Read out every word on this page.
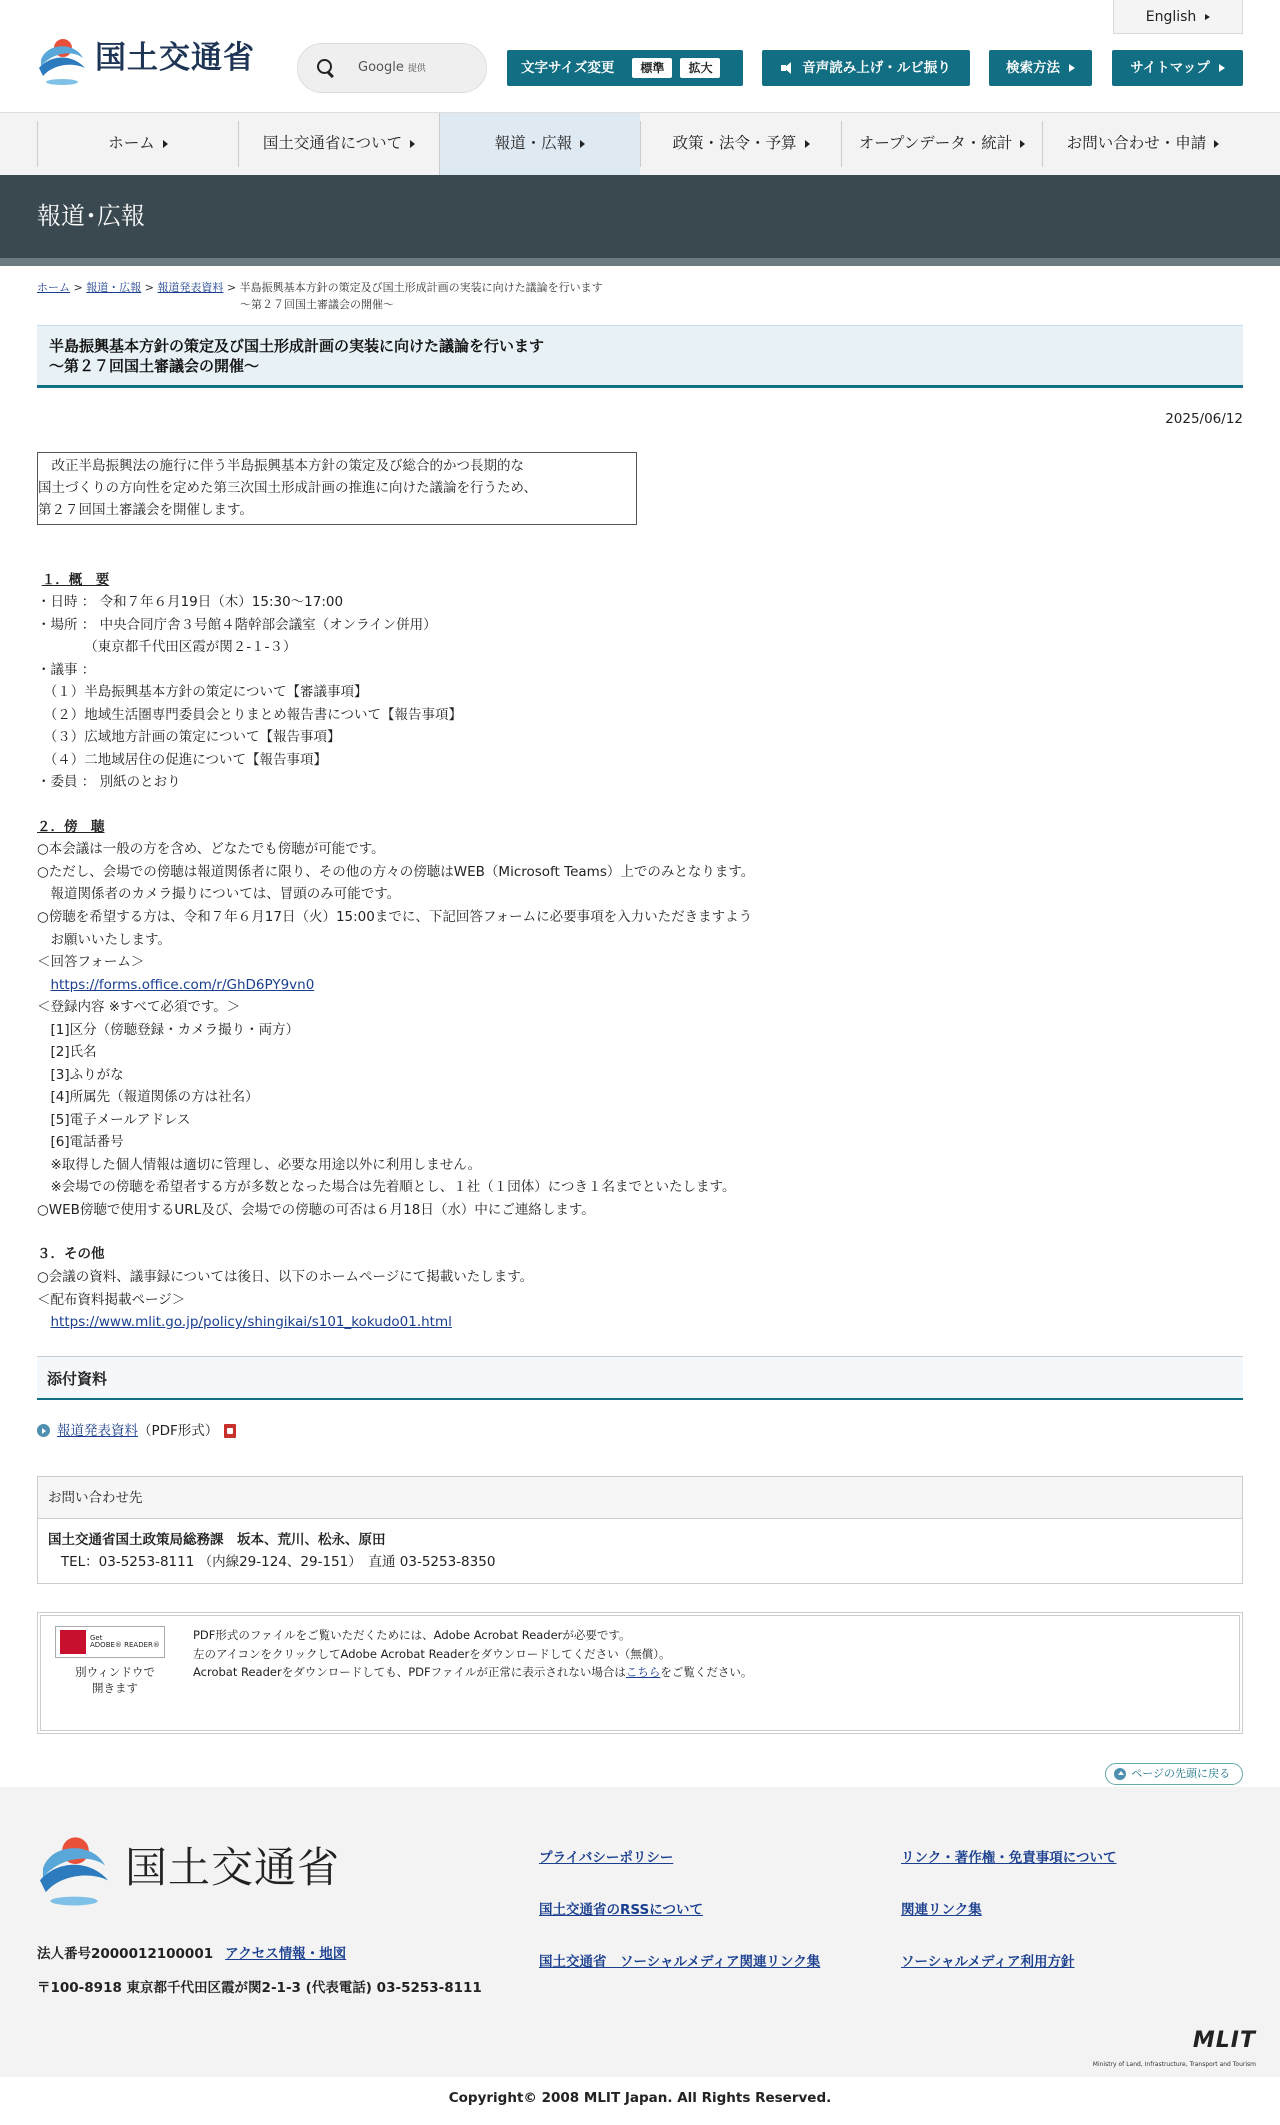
国土交通省	Google 提供
English
文字サイズ変更	標準	拡大	音声読み上げ・ルビ振り	検索方法	サイトマップ
ホーム	国土交通省について	報道・広報	政策・法令・予算	オープンデータ・統計	お問い合わせ・申請
報道･広報
ホーム > 報道・広報 > 報道発表資料 > 半島振興基本方針の策定及び国土形成計画の実装に向けた議論を行います
～第２７回国土審議会の開催～
半島振興基本方針の策定及び国土形成計画の実装に向けた議論を行います
～第２７回国土審議会の開催～
2025/06/12
　改正半島振興法の施行に伴う半島振興基本方針の策定及び総合的かつ長期的な
国土づくりの方向性を定めた第三次国土形成計画の推進に向けた議論を行うため、
第２７回国土審議会を開催します。
１．概　要

・日時 ： 令和７年６月19日（木）15:30～17:00

・場所 ： 中央合同庁舎３号館４階幹部会議室（オンライン併用）

　　　　（東京都千代田区霞が関２-１-３）

・議事 ：

　（１）半島振興基本方針の策定について【審議事項】

　（２）地域生活圏専門委員会とりまとめ報告書について【報告事項】

　（３）広域地方計画の策定について【報告事項】

　（４）二地域居住の促進について【報告事項】

・委員 ： 別紙のとおり

２．傍　聴

○本会議は一般の方を含め、どなたでも傍聴が可能です。

○ただし、会場での傍聴は報道関係者に限り、その他の方々の傍聴はWEB（Microsoft Teams）上でのみとなります。

　報道関係者のカメラ撮りについては、冒頭のみ可能です。

○傍聴を希望する方は、令和７年６月17日（火）15:00までに、下記回答フォームに必要事項を入力いただきますよう

　お願いいたします。

＜回答フォーム＞

　https://forms.office.com/r/GhD6PY9vn0

＜登録内容 ※すべて必須です。＞

　[1]区分（傍聴登録・カメラ撮り・両方）

　[2]氏名

　[3]ふりがな

　[4]所属先（報道関係の方は社名）

　[5]電子メールアドレス

　[6]電話番号

　※取得した個人情報は適切に管理し、必要な用途以外に利用しません。

　※会場での傍聴を希望者する方が多数となった場合は先着順とし、１社（１団体）につき１名までといたします。

○WEB傍聴で使用するURL及び、会場での傍聴の可否は６月18日（水）中にご連絡します。

３．その他

○会議の資料、議事録については後日、以下のホームページにて掲載いたします。

＜配布資料掲載ページ＞

　https://www.mlit.go.jp/policy/shingikai/s101_kokudo01.html

添付資料
報道発表資料 （PDF形式）
お問い合わせ先
国土交通省国土政策局総務課　坂本、荒川、松永、原田
TEL：03-5253-8111 （内線29-124、29-151）　直通 03-5253-8350
Get
ADOBE® READER®
別ウィンドウで
開きます
PDF形式のファイルをご覧いただくためには、Adobe Acrobat Readerが必要です。
左のアイコンをクリックしてAdobe Acrobat Readerをダウンロードしてください（無償）。
Acrobat Readerをダウンロードしても、PDFファイルが正常に表示されない場合はこちらをご覧ください。
ページの先頭に戻る
国土交通省
法人番号2000012100001 アクセス情報・地図
〒100-8918 東京都千代田区霞が関2-1-3 (代表電話) 03-5253-8111
プライバシーポリシー
国土交通省のRSSについて
国土交通省　ソーシャルメディア関連リンク集
リンク・著作権・免責事項について
関連リンク集
ソーシャルメディア利用方針
MLIT
Ministry of Land, Infrastructure, Transport and Tourism
Copyright© 2008 MLIT Japan. All Rights Reserved.
